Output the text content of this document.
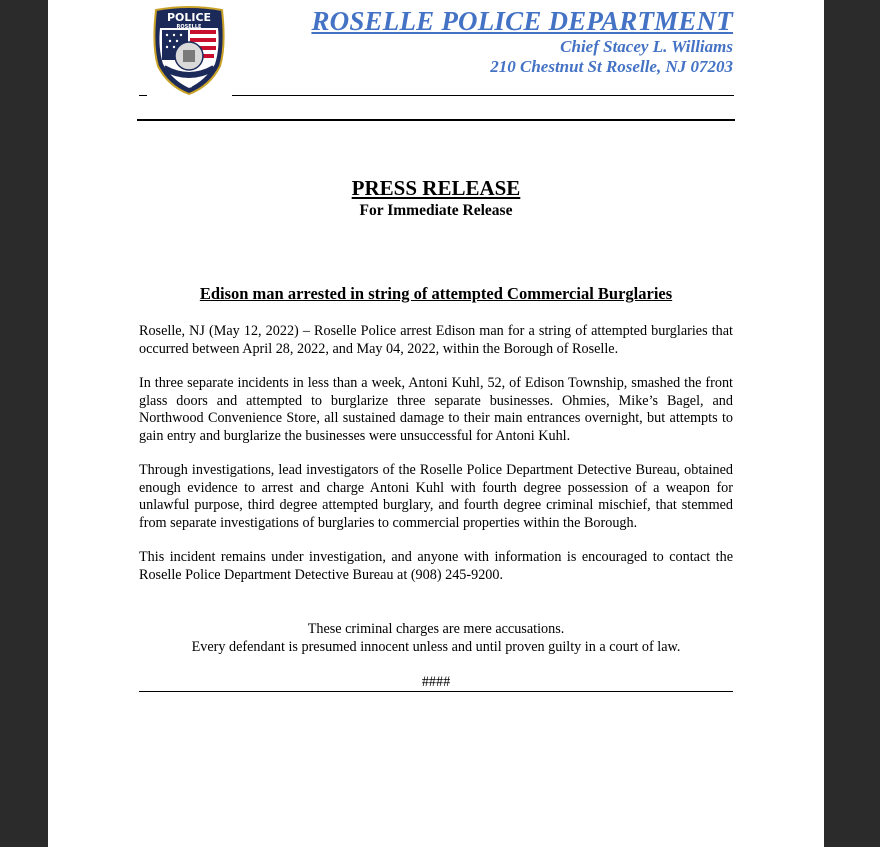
POLICE
ROSELLE
NJ
ROSELLE POLICE DEPARTMENT
Chief Stacey L. Williams
210 Chestnut St Roselle, NJ 07203
PRESS RELEASE
For Immediate Release
Edison man arrested in string of attempted Commercial Burglaries

Roselle, NJ (May 12, 2022) – Roselle Police arrest Edison man for a string of attempted burglaries that occurred between April 28, 2022, and May 04, 2022, within the Borough of Roselle.

In three separate incidents in less than a week, Antoni Kuhl, 52, of Edison Township, smashed the front glass doors and attempted to burglarize three separate businesses. Ohmies, Mike’s Bagel, and Northwood Convenience Store, all sustained damage to their main entrances overnight, but attempts to gain entry and burglarize the businesses were unsuccessful for Antoni Kuhl.

Through investigations, lead investigators of the Roselle Police Department Detective Bureau, obtained enough evidence to arrest and charge Antoni Kuhl with fourth degree possession of a weapon for unlawful purpose, third degree attempted burglary, and fourth degree criminal mischief, that stemmed from separate investigations of burglaries to commercial properties within the Borough.

This incident remains under investigation, and anyone with information is encouraged to contact the Roselle Police Department Detective Bureau at (908) 245-9200.

These criminal charges are mere accusations.
Every defendant is presumed innocent unless and until proven guilty in a court of law.
####
